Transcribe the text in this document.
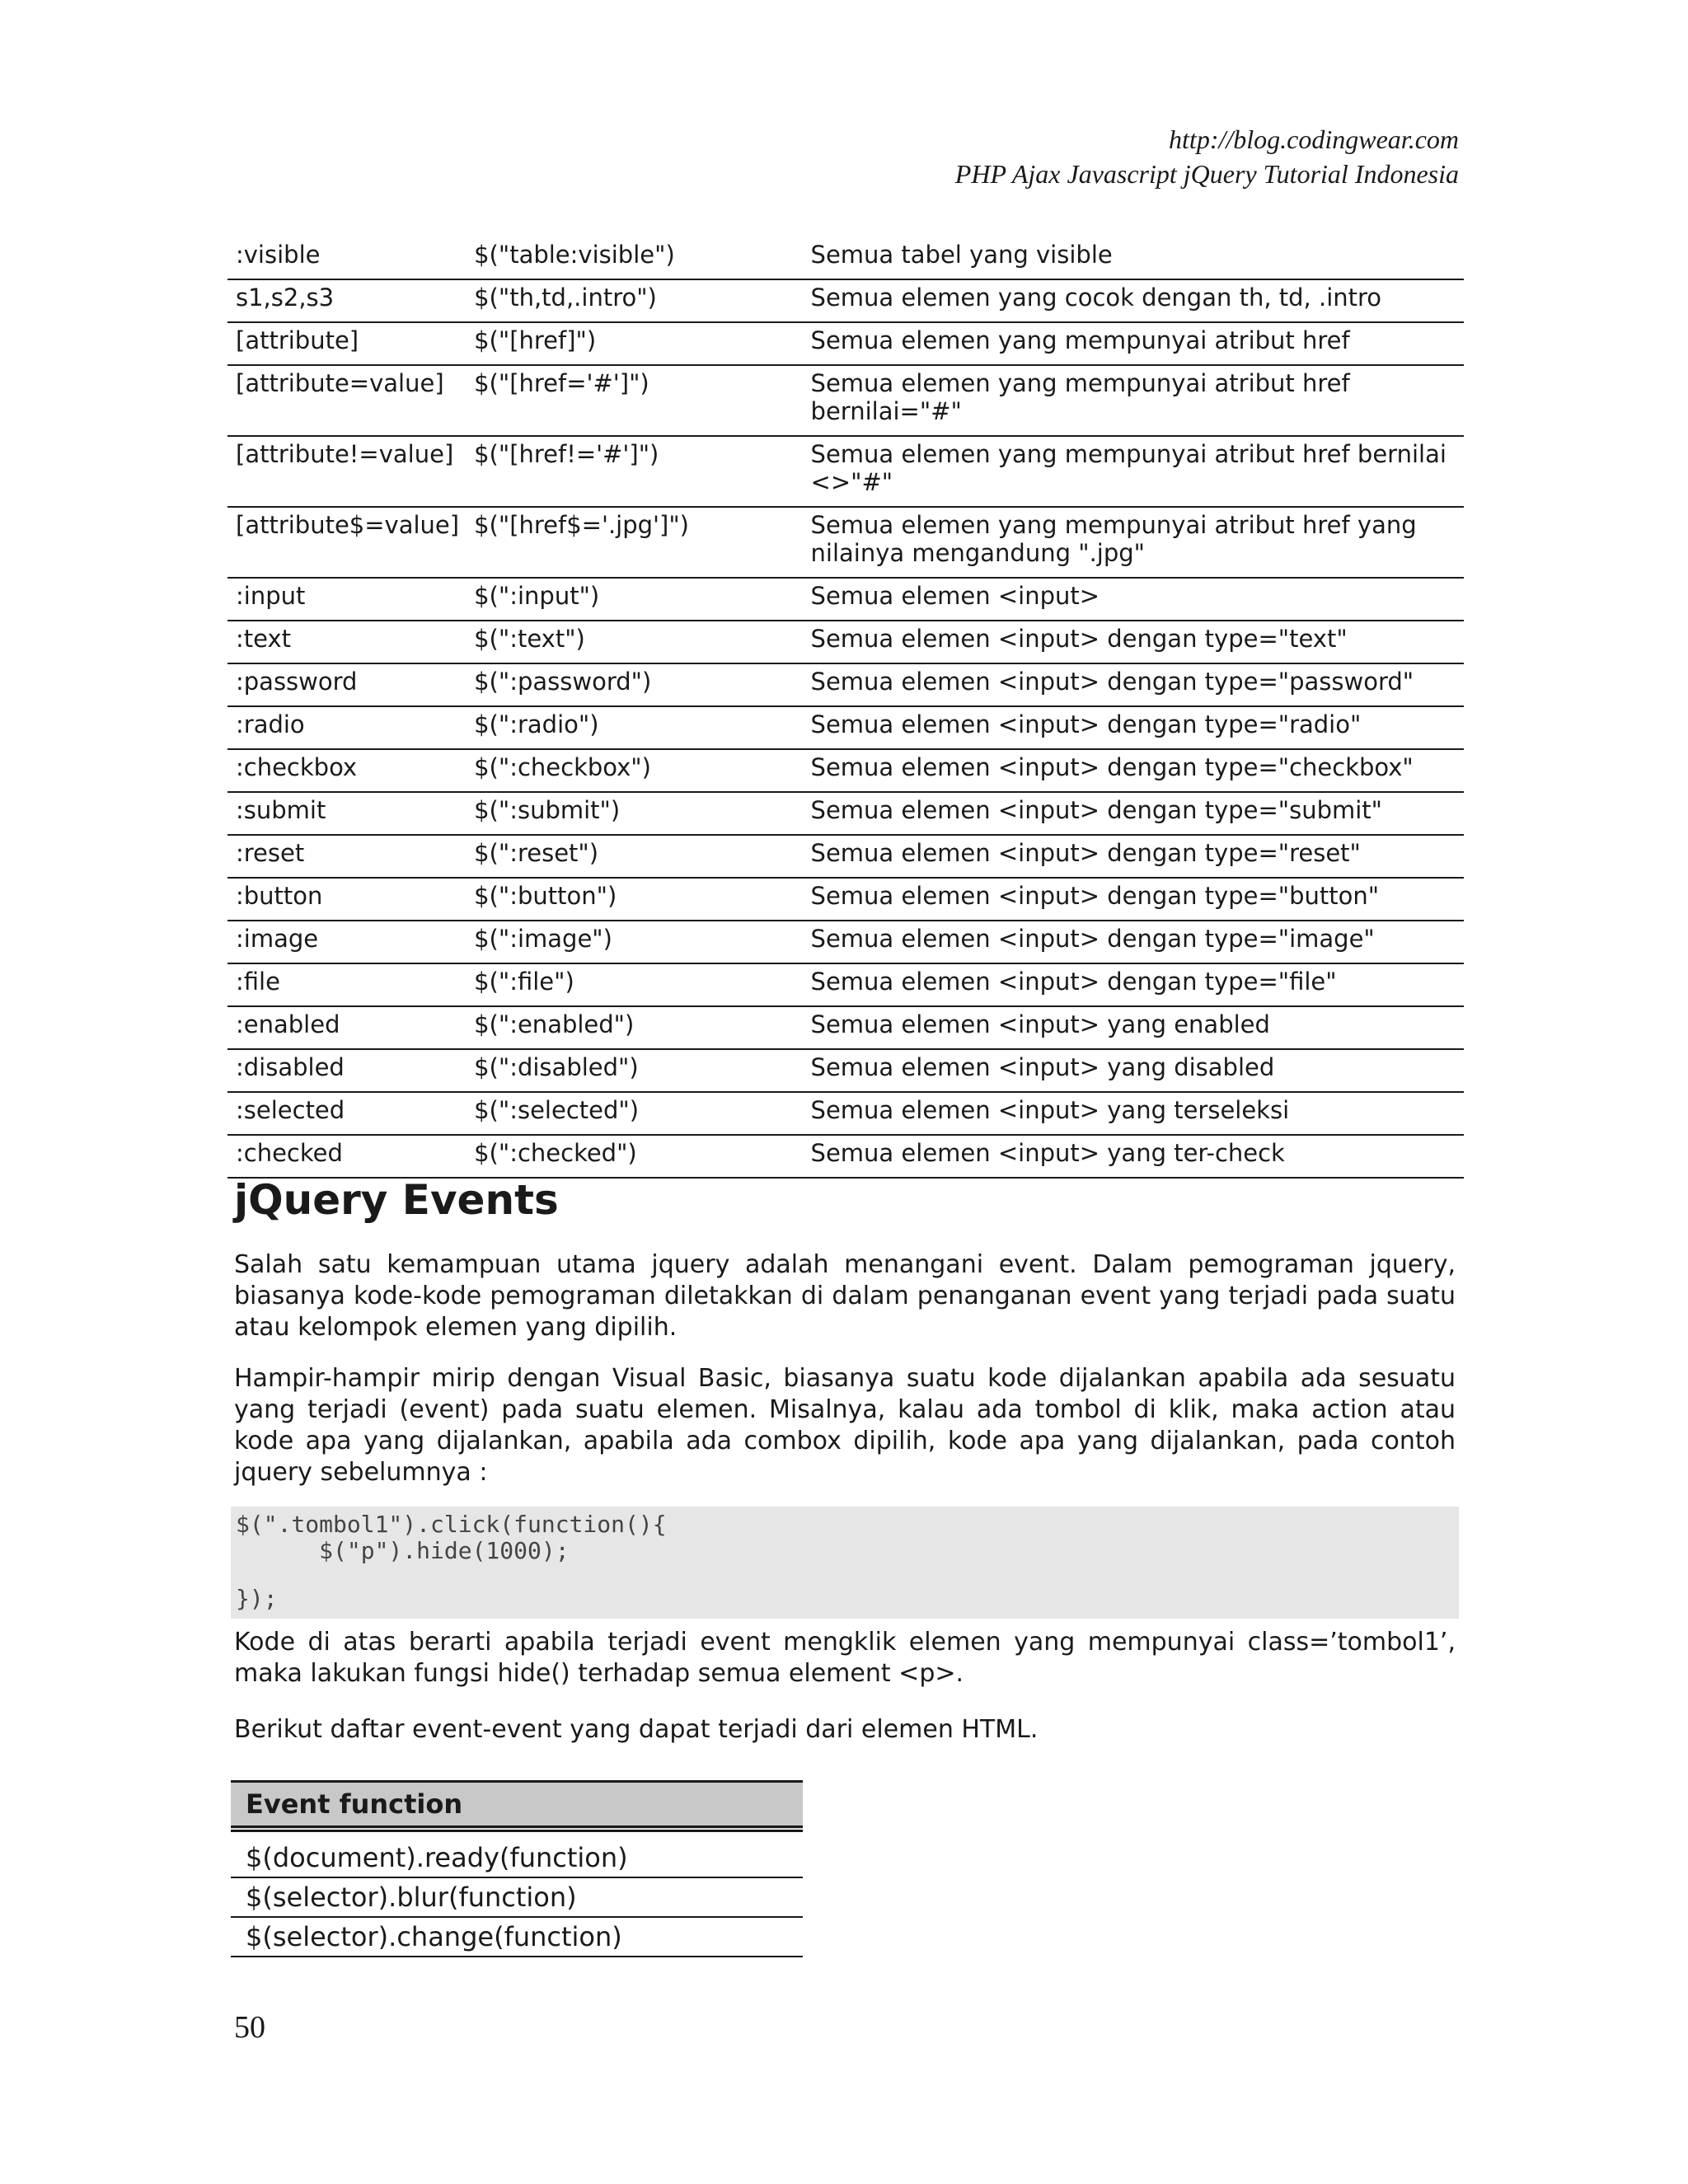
http://blog.codingwear.com
PHP Ajax Javascript jQuery Tutorial Indonesia
:visible	$("table:visible")	Semua tabel yang visible
s1,s2,s3	$("th,td,.intro")	Semua elemen yang cocok dengan th, td, .intro
[attribute]	$("[href]")	Semua elemen yang mempunyai atribut href
[attribute=value]	$("[href='#']")	Semua elemen yang mempunyai atribut href bernilai="#"
[attribute!=value]	$("[href!='#']")	Semua elemen yang mempunyai atribut href bernilai <>"#"
[attribute$=value]	$("[href$='.jpg']")	Semua elemen yang mempunyai atribut href yang nilainya mengandung ".jpg"
:input	$(":input")	Semua elemen <input>
:text	$(":text")	Semua elemen <input> dengan type="text"
:password	$(":password")	Semua elemen <input> dengan type="password"
:radio	$(":radio")	Semua elemen <input> dengan type="radio"
:checkbox	$(":checkbox")	Semua elemen <input> dengan type="checkbox"
:submit	$(":submit")	Semua elemen <input> dengan type="submit"
:reset	$(":reset")	Semua elemen <input> dengan type="reset"
:button	$(":button")	Semua elemen <input> dengan type="button"
:image	$(":image")	Semua elemen <input> dengan type="image"
:file	$(":file")	Semua elemen <input> dengan type="file"
:enabled	$(":enabled")	Semua elemen <input> yang enabled
:disabled	$(":disabled")	Semua elemen <input> yang disabled
:selected	$(":selected")	Semua elemen <input> yang terseleksi
:checked	$(":checked")	Semua elemen <input> yang ter-check
jQuery Events

Salah satu kemampuan utama jquery adalah menangani event. Dalam pemograman jquery, biasanya kode-kode pemograman diletakkan di dalam penanganan event yang terjadi pada suatu atau kelompok elemen yang dipilih.

Hampir-hampir mirip dengan Visual Basic, biasanya suatu kode dijalankan apabila ada sesuatu yang terjadi (event) pada suatu elemen. Misalnya, kalau ada tombol di klik, maka action atau kode apa yang dijalankan, apabila ada combox dipilih, kode apa yang dijalankan, pada contoh jquery sebelumnya :

$(".tombol1").click(function(){
$("p").hide(1000);
});

Kode di atas berarti apabila terjadi event mengklik elemen yang mempunyai class=’tombol1’, maka lakukan fungsi hide() terhadap semua element <p>.

Berikut daftar event-event yang dapat terjadi dari elemen HTML.

Event function

$(document).ready(function)
$(selector).blur(function)
$(selector).change(function)
50
